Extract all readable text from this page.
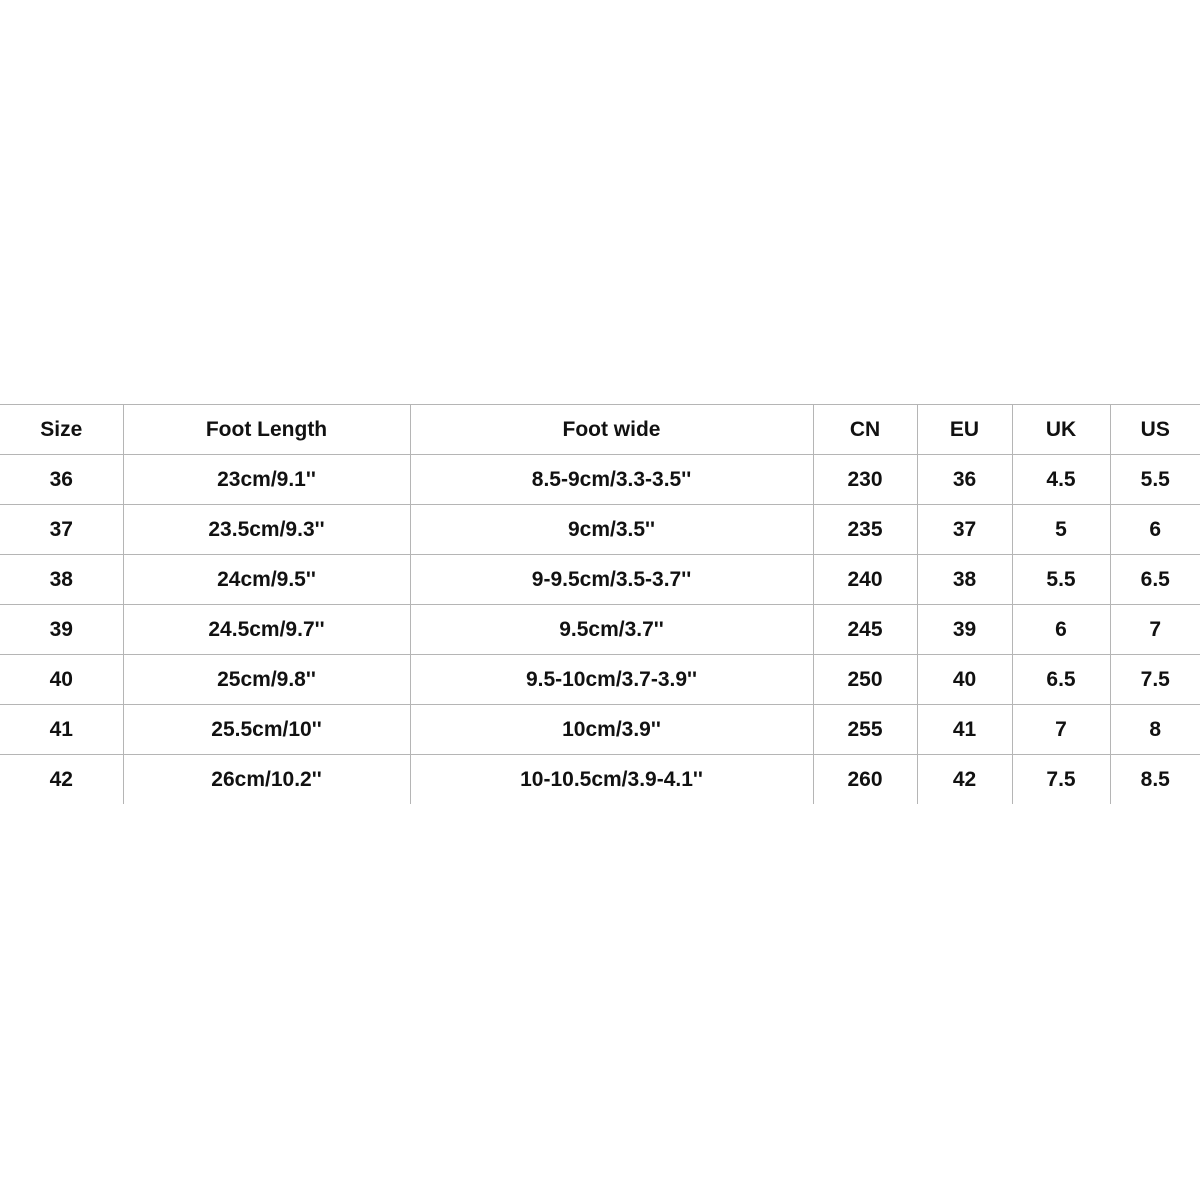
Size	Foot Length	Foot wide	CN	EU	UK	US
36	23cm/9.1''	8.5-9cm/3.3-3.5''	230	36	4.5	5.5
37	23.5cm/9.3''	9cm/3.5''	235	37	5	6
38	24cm/9.5''	9-9.5cm/3.5-3.7''	240	38	5.5	6.5
39	24.5cm/9.7''	9.5cm/3.7''	245	39	6	7
40	25cm/9.8''	9.5-10cm/3.7-3.9''	250	40	6.5	7.5
41	25.5cm/10''	10cm/3.9''	255	41	7	8
42	26cm/10.2''	10-10.5cm/3.9-4.1''	260	42	7.5	8.5
